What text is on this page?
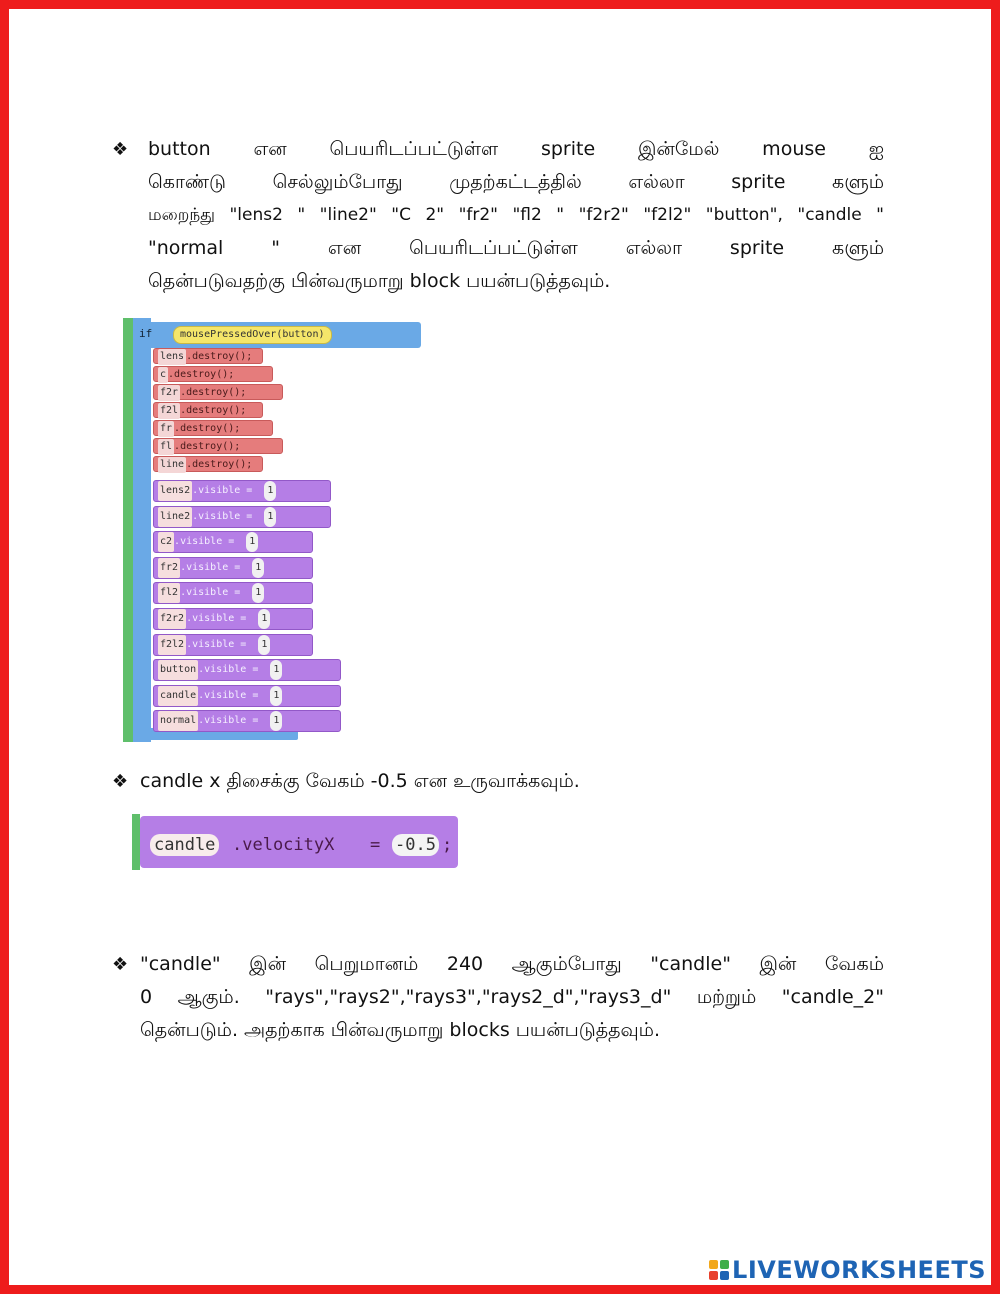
❖	button என பெயரிடப்பட்டுள்ள sprite இன்மேல் mouse ஐ
கொண்டு செல்லும்போது முதற்கட்டத்தில் எல்லா sprite களும்
மறைந்து "lens2 " "line2" "C 2" "fr2" "fl2 " "f2r2" "f2l2" "button", "candle "
"normal " என பெயரிடப்பட்டுள்ள எல்லா sprite களும்
தென்படுவதற்கு பின்வருமாறு block பயன்படுத்தவும்.
if	mousePressedOver(button)
lens .destroy();
c .destroy();
f2r .destroy();
f2l .destroy();
fr .destroy();
fl .destroy();
line .destroy();
lens2 .visible = 1
line2 .visible = 1
c2 .visible = 1
fr2 .visible = 1
fl2 .visible = 1
f2r2 .visible = 1
f2l2 .visible = 1
button .visible = 1
candle .visible = 1
normal .visible = 1
❖ candle x திசைக்கு வேகம் -0.5 என உருவாக்கவும்.
candle .velocityX = -0.5 ;
❖ "candle" இன் பெறுமானம் 240 ஆகும்போது "candle" இன் வேகம்
0 ஆகும். "rays","rays2","rays3","rays2_d","rays3_d" மற்றும் "candle_2"
தென்படும். அதற்காக பின்வருமாறு blocks பயன்படுத்தவும்.
LIVEWORKSHEETS
